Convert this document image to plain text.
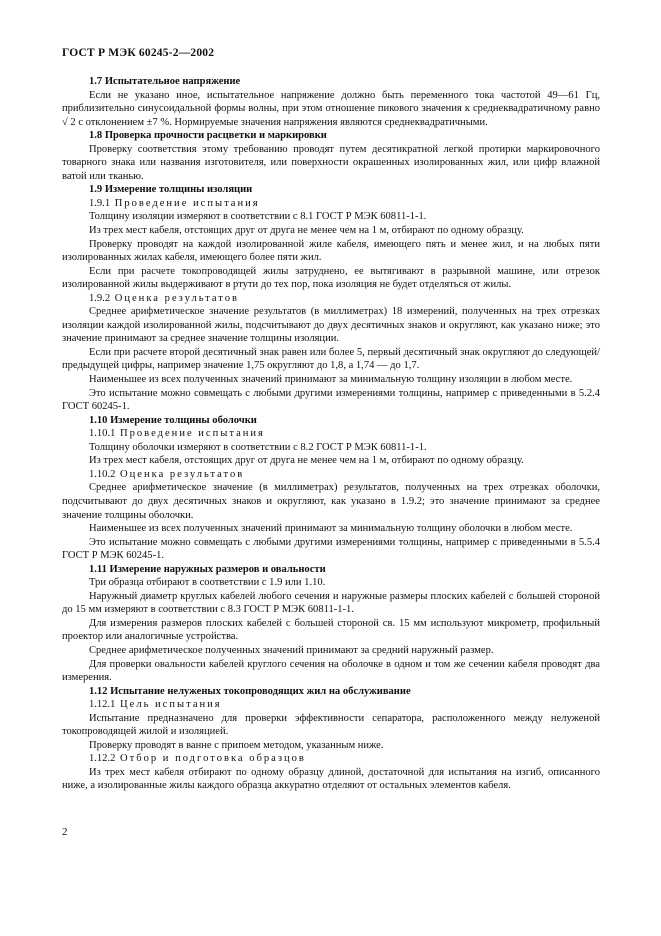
ГОСТ Р МЭК 60245-2—2002

1.7 Испытательное напряжение

Если не указано иное, испытательное напряжение должно быть переменного тока частотой 49—61 Гц, приблизительно синусоидальной формы волны, при этом отношение пикового значения к среднеквадратичному равно √ 2 с отклонением ±7 %. Нормируемые значения напряжения являются среднеквадратичными.

1.8 Проверка прочности расцветки и маркировки

Проверку соответствия этому требованию проводят путем десятикратной легкой протирки маркировочного товарного знака или названия изготовителя, или поверхности окрашенных изолированных жил, или цифр влажной ватой или тканью.

1.9 Измерение толщины изоляции

1.9.1 Проведение испытания

Толщину изоляции измеряют в соответствии с 8.1 ГОСТ Р МЭК 60811-1-1.

Из трех мест кабеля, отстоящих друг от друга не менее чем на 1 м, отбирают по одному образцу.

Проверку проводят на каждой изолированной жиле кабеля, имеющего пять и менее жил, и на любых пяти изолированных жилах кабеля, имеющего более пяти жил.

Если при расчете токопроводящей жилы затруднено, ее вытягивают в разрывной машине, или отрезок изолированной жилы выдерживают в ртути до тех пор, пока изоляция не будет отделяться от жилы.

1.9.2 Оценка результатов

Среднее арифметическое значение результатов (в миллиметрах) 18 измерений, полученных на трех отрезках изоляции каждой изолированной жилы, подсчитывают до двух десятичных знаков и округляют, как указано ниже; это значение принимают за среднее значение толщины изоляции.

Если при расчете второй десятичный знак равен или более 5, первый десятичный знак округляют до следующей/предыдущей цифры, например значение 1,75 округляют до 1,8, а 1,74 — до 1,7.

Наименьшее из всех полученных значений принимают за минимальную толщину изоляции в любом месте.

Это испытание можно совмещать с любыми другими измерениями толщины, например с приведенными в 5.2.4 ГОСТ 60245-1.

1.10 Измерение толщины оболочки

1.10.1 Проведение испытания

Толщину оболочки измеряют в соответствии с 8.2 ГОСТ Р МЭК 60811-1-1.

Из трех мест кабеля, отстоящих друг от друга не менее чем на 1 м, отбирают по одному образцу.

1.10.2 Оценка результатов

Среднее арифметическое значение (в миллиметрах) результатов, полученных на трех отрезках оболочки, подсчитывают до двух десятичных знаков и округляют, как указано в 1.9.2; это значение принимают за среднее значение толщины оболочки.

Наименьшее из всех полученных значений принимают за минимальную толщину оболочки в любом месте.

Это испытание можно совмещать с любыми другими измерениями толщины, например с приведенными в 5.5.4 ГОСТ Р МЭК 60245-1.

1.11 Измерение наружных размеров и овальности

Три образца отбирают в соответствии с 1.9 или 1.10.

Наружный диаметр круглых кабелей любого сечения и наружные размеры плоских кабелей с большей стороной до 15 мм измеряют в соответствии с 8.3 ГОСТ Р МЭК 60811-1-1.

Для измерения размеров плоских кабелей с большей стороной св. 15 мм используют микрометр, профильный проектор или аналогичные устройства.

Среднее арифметическое полученных значений принимают за средний наружный размер.

Для проверки овальности кабелей круглого сечения на оболочке в одном и том же сечении кабеля проводят два измерения.

1.12 Испытание нелуженых токопроводящих жил на обслуживание

1.12.1 Цель испытания

Испытание предназначено для проверки эффективности сепаратора, расположенного между нелуженой токопроводящей жилой и изоляцией.

Проверку проводят в ванне с припоем методом, указанным ниже.

1.12.2 Отбор и подготовка образцов

Из трех мест кабеля отбирают по одному образцу длиной, достаточной для испытания на изгиб, описанного ниже, а изолированные жилы каждого образца аккуратно отделяют от остальных элементов кабеля.

2
